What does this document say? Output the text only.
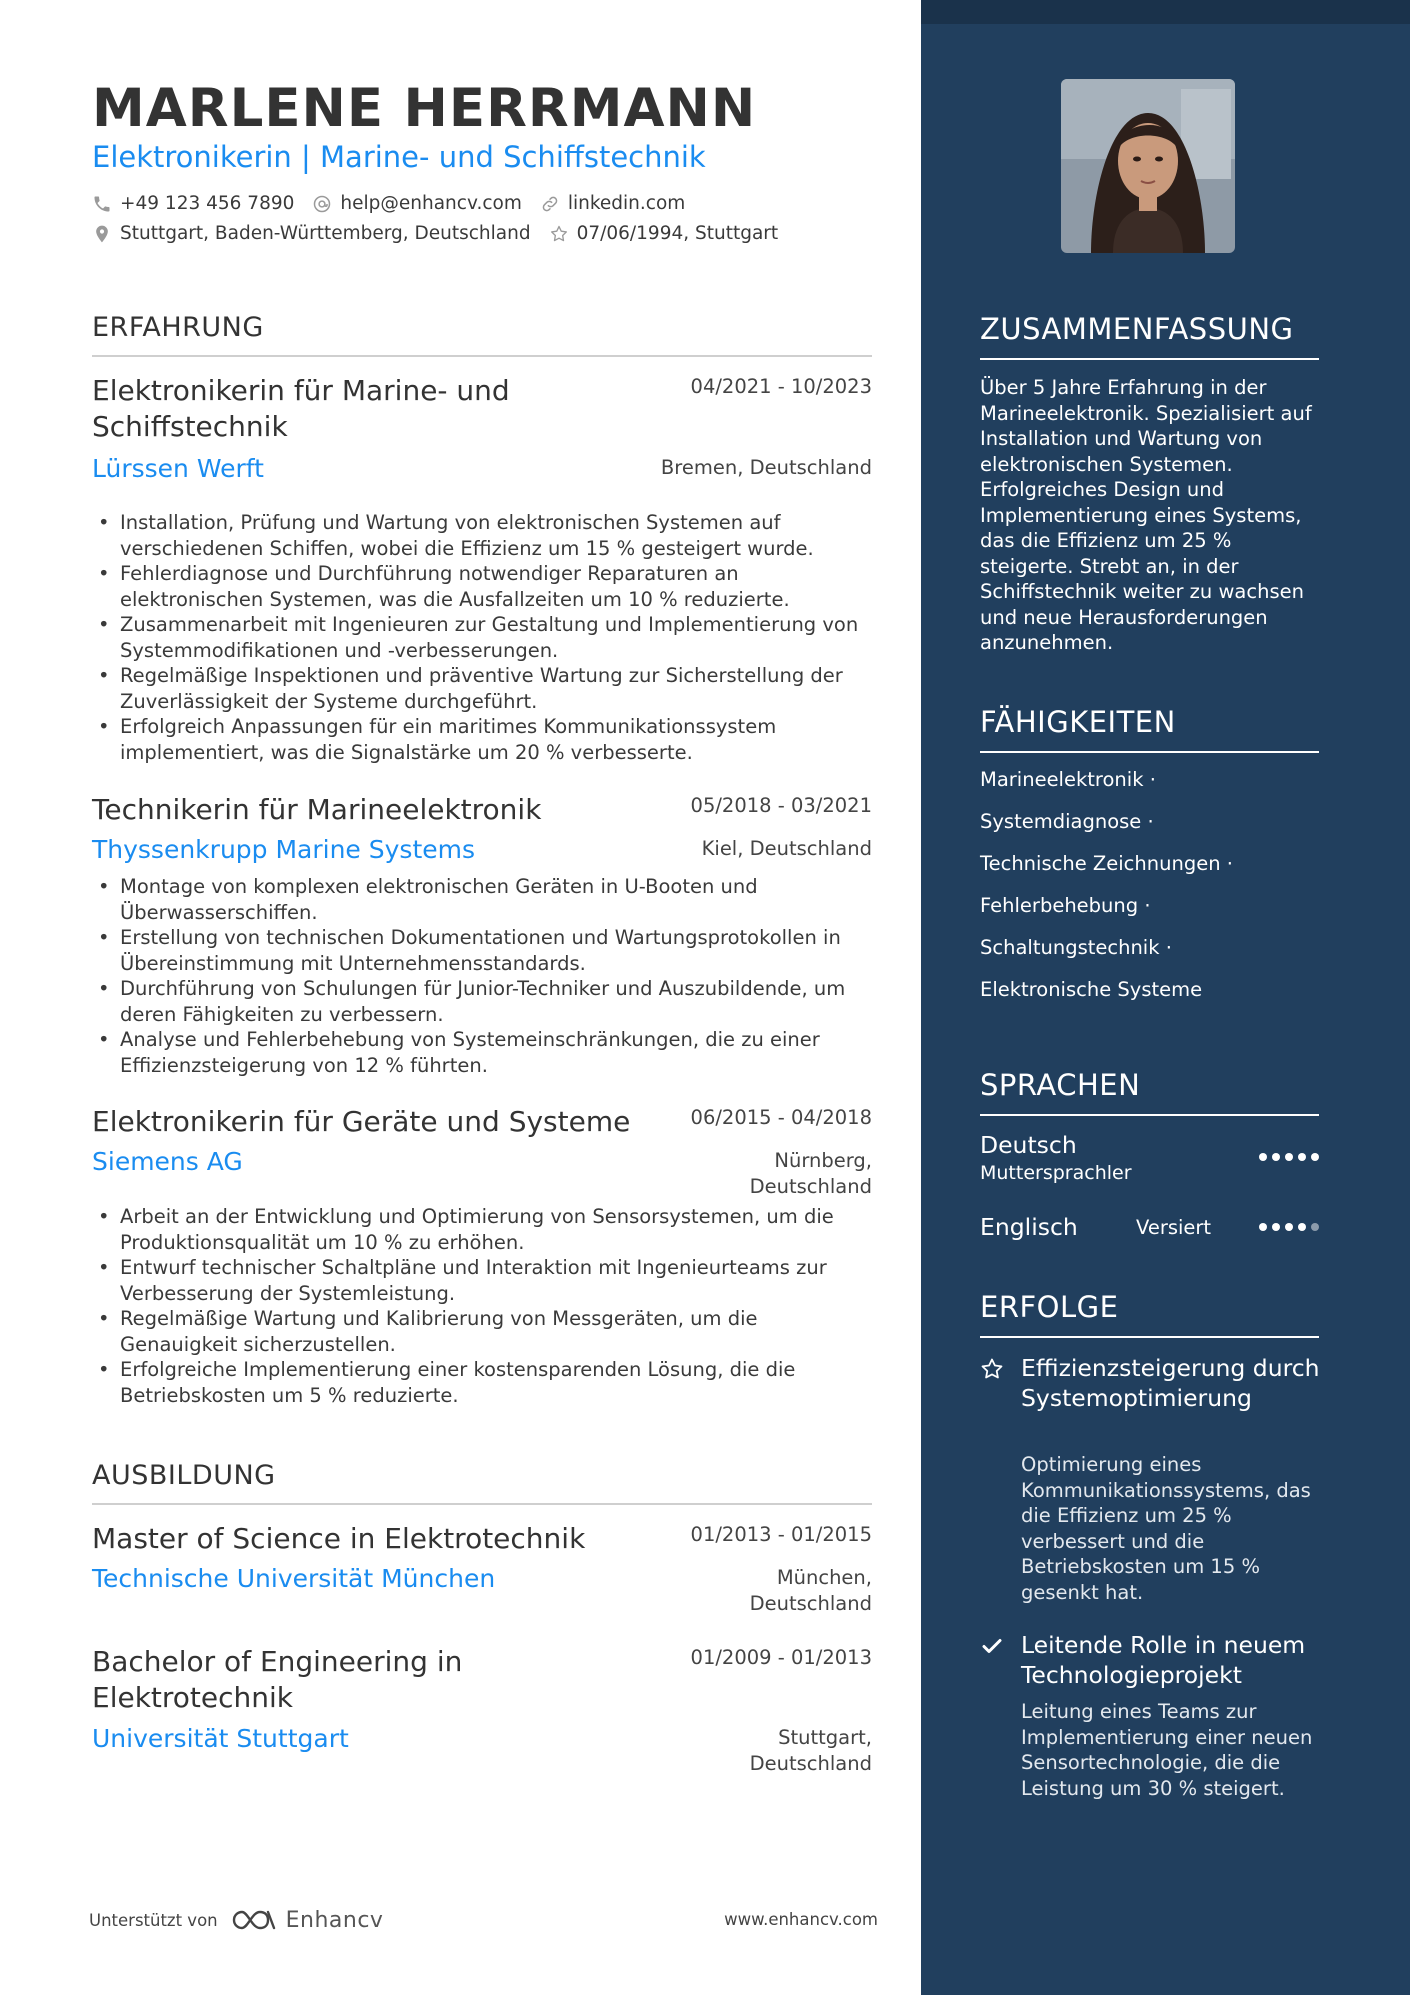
MARLENE HERRMANN
Elektronikerin | Marine- und Schiffstechnik
+49 123 456 7890 help@enhancv.com linkedin.com
Stuttgart, Baden-Württemberg, Deutschland 07/06/1994, Stuttgart
ERFAHRUNG
Elektronikerin für Marine- und Schiffstechnik
04/2021 - 10/2023
Lürssen Werft	Bremen, Deutschland
• Installation, Prüfung und Wartung von elektronischen Systemen auf verschiedenen Schiffen, wobei die Effizienz um 15 % gesteigert wurde.
• Fehlerdiagnose und Durchführung notwendiger Reparaturen an elektronischen Systemen, was die Ausfallzeiten um 10 % reduzierte.
• Zusammenarbeit mit Ingenieuren zur Gestaltung und Implementierung von Systemmodifikationen und -verbesserungen.
• Regelmäßige Inspektionen und präventive Wartung zur Sicherstellung der Zuverlässigkeit der Systeme durchgeführt.
• Erfolgreich Anpassungen für ein maritimes Kommunikationssystem implementiert, was die Signalstärke um 20 % verbesserte.
Technikerin für Marineelektronik	05/2018 - 03/2021
Thyssenkrupp Marine Systems	Kiel, Deutschland
• Montage von komplexen elektronischen Geräten in U-Booten und Überwasserschiffen.
• Erstellung von technischen Dokumentationen und Wartungsprotokollen in Übereinstimmung mit Unternehmensstandards.
• Durchführung von Schulungen für Junior-Techniker und Auszubildende, um deren Fähigkeiten zu verbessern.
• Analyse und Fehlerbehebung von Systemeinschränkungen, die zu einer Effizienzsteigerung von 12 % führten.
Elektronikerin für Geräte und Systeme	06/2015 - 04/2018
Siemens AG	Nürnberg, Deutschland
• Arbeit an der Entwicklung und Optimierung von Sensorsystemen, um die Produktionsqualität um 10 % zu erhöhen.
• Entwurf technischer Schaltpläne und Interaktion mit Ingenieurteams zur Verbesserung der Systemleistung.
• Regelmäßige Wartung und Kalibrierung von Messgeräten, um die Genauigkeit sicherzustellen.
• Erfolgreiche Implementierung einer kostensparenden Lösung, die die Betriebskosten um 5 % reduzierte.
AUSBILDUNG
Master of Science in Elektrotechnik	01/2013 - 01/2015
Technische Universität München	München, Deutschland
Bachelor of Engineering in Elektrotechnik
01/2009 - 01/2013
Universität Stuttgart	Stuttgart, Deutschland
Unterstützt von	Enhancv	www.enhancv.com
ZUSAMMENFASSUNG
Über 5 Jahre Erfahrung in der Marineelektronik. Spezialisiert auf Installation und Wartung von elektronischen Systemen. Erfolgreiches Design und Implementierung eines Systems, das die Effizienz um 25 % steigerte. Strebt an, in der Schiffstechnik weiter zu wachsen und neue Herausforderungen anzunehmen.
FÄHIGKEITEN
Marineelektronik ·
Systemdiagnose ·
Technische Zeichnungen ·
Fehlerbehebung ·
Schaltungstechnik ·
Elektronische Systeme
SPRACHEN
Deutsch
Muttersprachler
Englisch	Versiert
ERFOLGE
Effizienzsteigerung durch Systemoptimierung
Optimierung eines Kommunikationssystems, das die Effizienz um 25 % verbessert und die Betriebskosten um 15 % gesenkt hat.
Leitende Rolle in neuem Technologieprojekt
Leitung eines Teams zur Implementierung einer neuen Sensortechnologie, die die Leistung um 30 % steigert.
